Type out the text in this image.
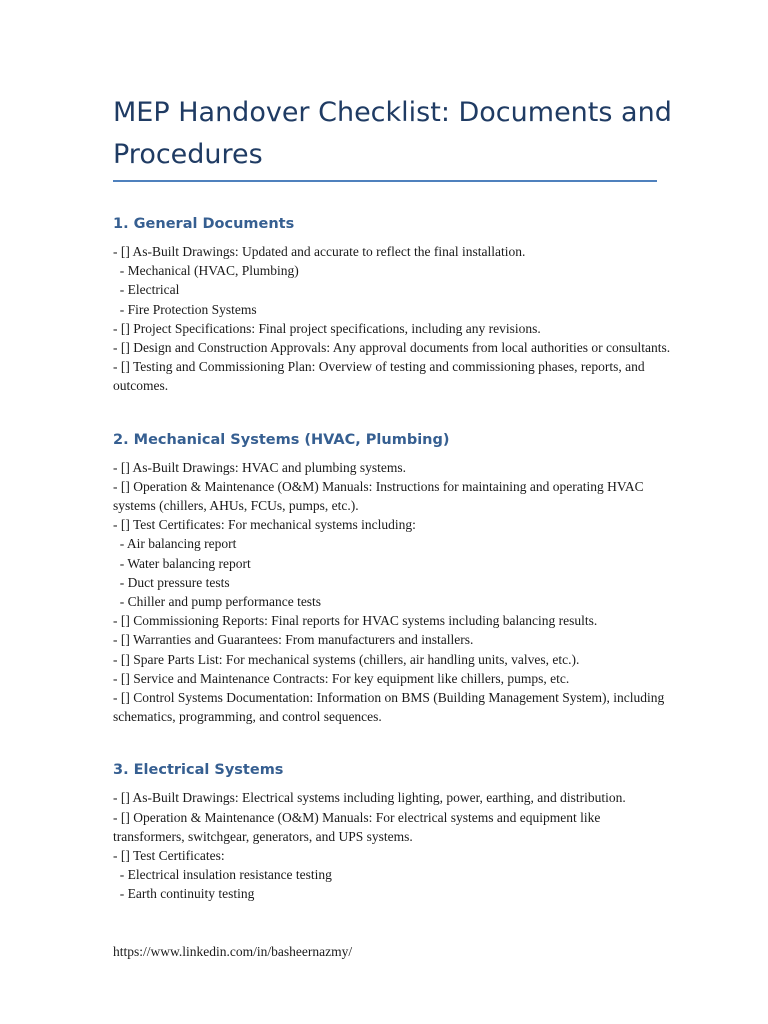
MEP Handover Checklist: Documents and Procedures
1. General Documents
- [] As-Built Drawings: Updated and accurate to reflect the final installation.
- Mechanical (HVAC, Plumbing)
- Electrical
- Fire Protection Systems
- [] Project Specifications: Final project specifications, including any revisions.
- [] Design and Construction Approvals: Any approval documents from local authorities or consultants.
- [] Testing and Commissioning Plan: Overview of testing and commissioning phases, reports, and outcomes.
2. Mechanical Systems (HVAC, Plumbing)
- [] As-Built Drawings: HVAC and plumbing systems.
- [] Operation & Maintenance (O&M) Manuals: Instructions for maintaining and operating HVAC systems (chillers, AHUs, FCUs, pumps, etc.).
- [] Test Certificates: For mechanical systems including:
- Air balancing report
- Water balancing report
- Duct pressure tests
- Chiller and pump performance tests
- [] Commissioning Reports: Final reports for HVAC systems including balancing results.
- [] Warranties and Guarantees: From manufacturers and installers.
- [] Spare Parts List: For mechanical systems (chillers, air handling units, valves, etc.).
- [] Service and Maintenance Contracts: For key equipment like chillers, pumps, etc.
- [] Control Systems Documentation: Information on BMS (Building Management System), including schematics, programming, and control sequences.
3. Electrical Systems
- [] As-Built Drawings: Electrical systems including lighting, power, earthing, and distribution.
- [] Operation & Maintenance (O&M) Manuals: For electrical systems and equipment like transformers, switchgear, generators, and UPS systems.
- [] Test Certificates:
- Electrical insulation resistance testing
- Earth continuity testing
https://www.linkedin.com/in/basheernazmy/
